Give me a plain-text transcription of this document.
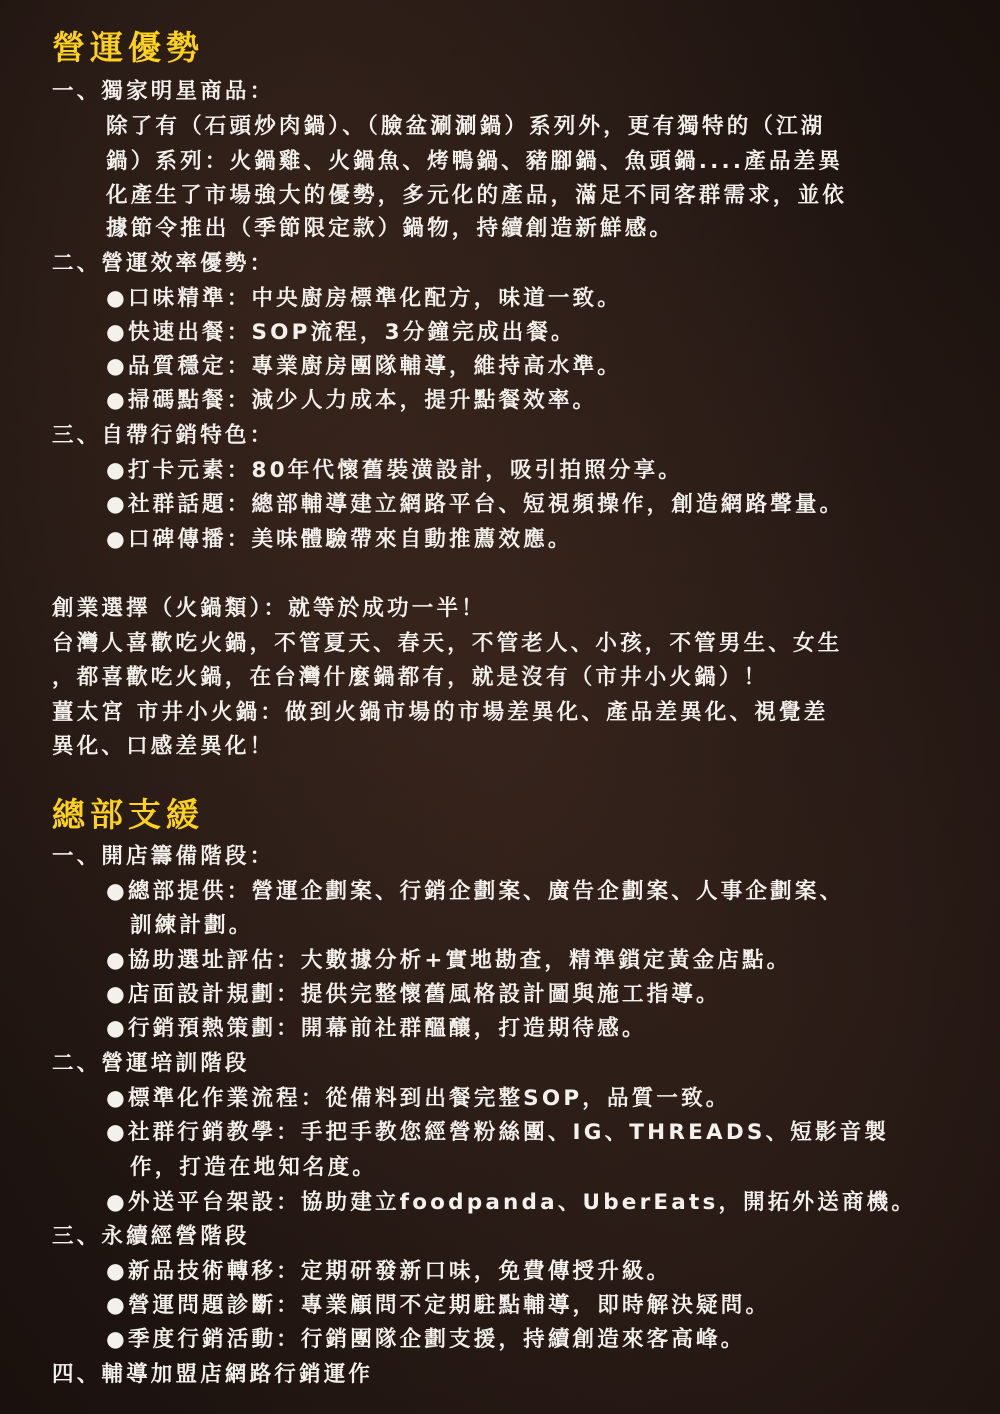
營運優勢
一、獨家明星商品：
除了有（石頭炒肉鍋）、（臉盆涮涮鍋）系列外，更有獨特的（江湖
鍋）系列：火鍋雞、火鍋魚、烤鴨鍋、豬腳鍋、魚頭鍋....產品差異
化產生了市場強大的優勢，多元化的產品，滿足不同客群需求，並依
據節令推出（季節限定款）鍋物，持續創造新鮮感。
二、營運效率優勢：
●口味精準：中央廚房標準化配方，味道一致。
●快速出餐：SOP流程，3分鐘完成出餐。
●品質穩定：專業廚房團隊輔導，維持高水準。
●掃碼點餐：減少人力成本，提升點餐效率。
三、自帶行銷特色：
●打卡元素：80年代懷舊裝潢設計，吸引拍照分享。
●社群話題：總部輔導建立網路平台、短視頻操作，創造網路聲量。
●口碑傳播：美味體驗帶來自動推薦效應。
創業選擇（火鍋類）：就等於成功一半！
台灣人喜歡吃火鍋，不管夏天、春天，不管老人、小孩，不管男生、女生
，都喜歡吃火鍋，在台灣什麼鍋都有，就是沒有（市井小火鍋）！
薑太宮 市井小火鍋：做到火鍋市場的市場差異化、產品差異化、視覺差
異化、口感差異化！
總部支緩
一、開店籌備階段：
●總部提供：營運企劃案、行銷企劃案、廣告企劃案、人事企劃案、
訓練計劃。
●協助選址評估：大數據分析+實地勘查，精準鎖定黃金店點。
●店面設計規劃：提供完整懷舊風格設計圖與施工指導。
●行銷預熱策劃：開幕前社群醞釀，打造期待感。
二、營運培訓階段
●標準化作業流程：從備料到出餐完整SOP，品質一致。
●社群行銷教學：手把手教您經營粉絲團、IG、THREADS、短影音製
作，打造在地知名度。
●外送平台架設：協助建立foodpanda、UberEats，開拓外送商機。
三、永續經營階段
●新品技術轉移：定期研發新口味，免費傳授升級。
●營運問題診斷：專業顧問不定期駐點輔導，即時解決疑問。
●季度行銷活動：行銷團隊企劃支援，持續創造來客高峰。
四、輔導加盟店網路行銷運作
